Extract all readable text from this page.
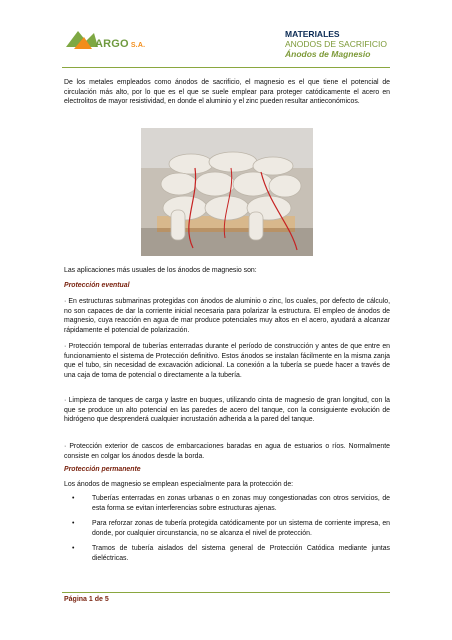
ARGO S.A.
MATERIALES
ANODOS DE SACRIFICIO
Ánodos de Magnesio
De los metales empleados como ánodos de sacrificio, el magnesio es el que tiene el potencial de circulación más alto, por lo que es el que se suele emplear para proteger catódicamente el acero en electrolitos de mayor resistividad, en donde el aluminio y el zinc pueden resultar antieconómicos.
Las aplicaciones más usuales de los ánodos de magnesio son:
Protección eventual
· En estructuras submarinas protegidas con ánodos de aluminio o zinc, los cuales, por defecto de cálculo, no son capaces de dar la corriente inicial necesaria para polarizar la estructura. El empleo de ánodos de magnesio, cuya reacción en agua de mar produce potenciales muy altos en el acero, ayudará a alcanzar rápidamente el potencial de polarización.
· Protección temporal de tuberías enterradas durante el período de construcción y antes de que entre en funcionamiento el sistema de Protección definitivo. Estos ánodos se instalan fácilmente en la misma zanja que el tubo, sin necesidad de excavación adicional. La conexión a la tubería se puede hacer a través de una caja de toma de potencial o directamente a la tubería.
· Limpieza de tanques de carga y lastre en buques, utilizando cinta de magnesio de gran longitud, con la que se produce un alto potencial en las paredes de acero del tanque, con la consiguiente evolución de hidrógeno que desprenderá cualquier incrustación adherida a la pared del tanque.
· Protección exterior de cascos de embarcaciones baradas en agua de estuarios o ríos. Normalmente consiste en colgar los ánodos desde la borda.
Protección permanente
Los ánodos de magnesio se emplean especialmente para la protección de:
•	Tuberías enterradas en zonas urbanas o en zonas muy congestionadas con otros servicios, de esta forma se evitan interferencias sobre estructuras ajenas.
•	Para reforzar zonas de tubería protegida catódicamente por un sistema de corriente impresa, en donde, por cualquier circunstancia, no se alcanza el nivel de protección.
•	Tramos de tubería aislados del sistema general de Protección Catódica mediante juntas dieléctricas.
Página 1 de 5
